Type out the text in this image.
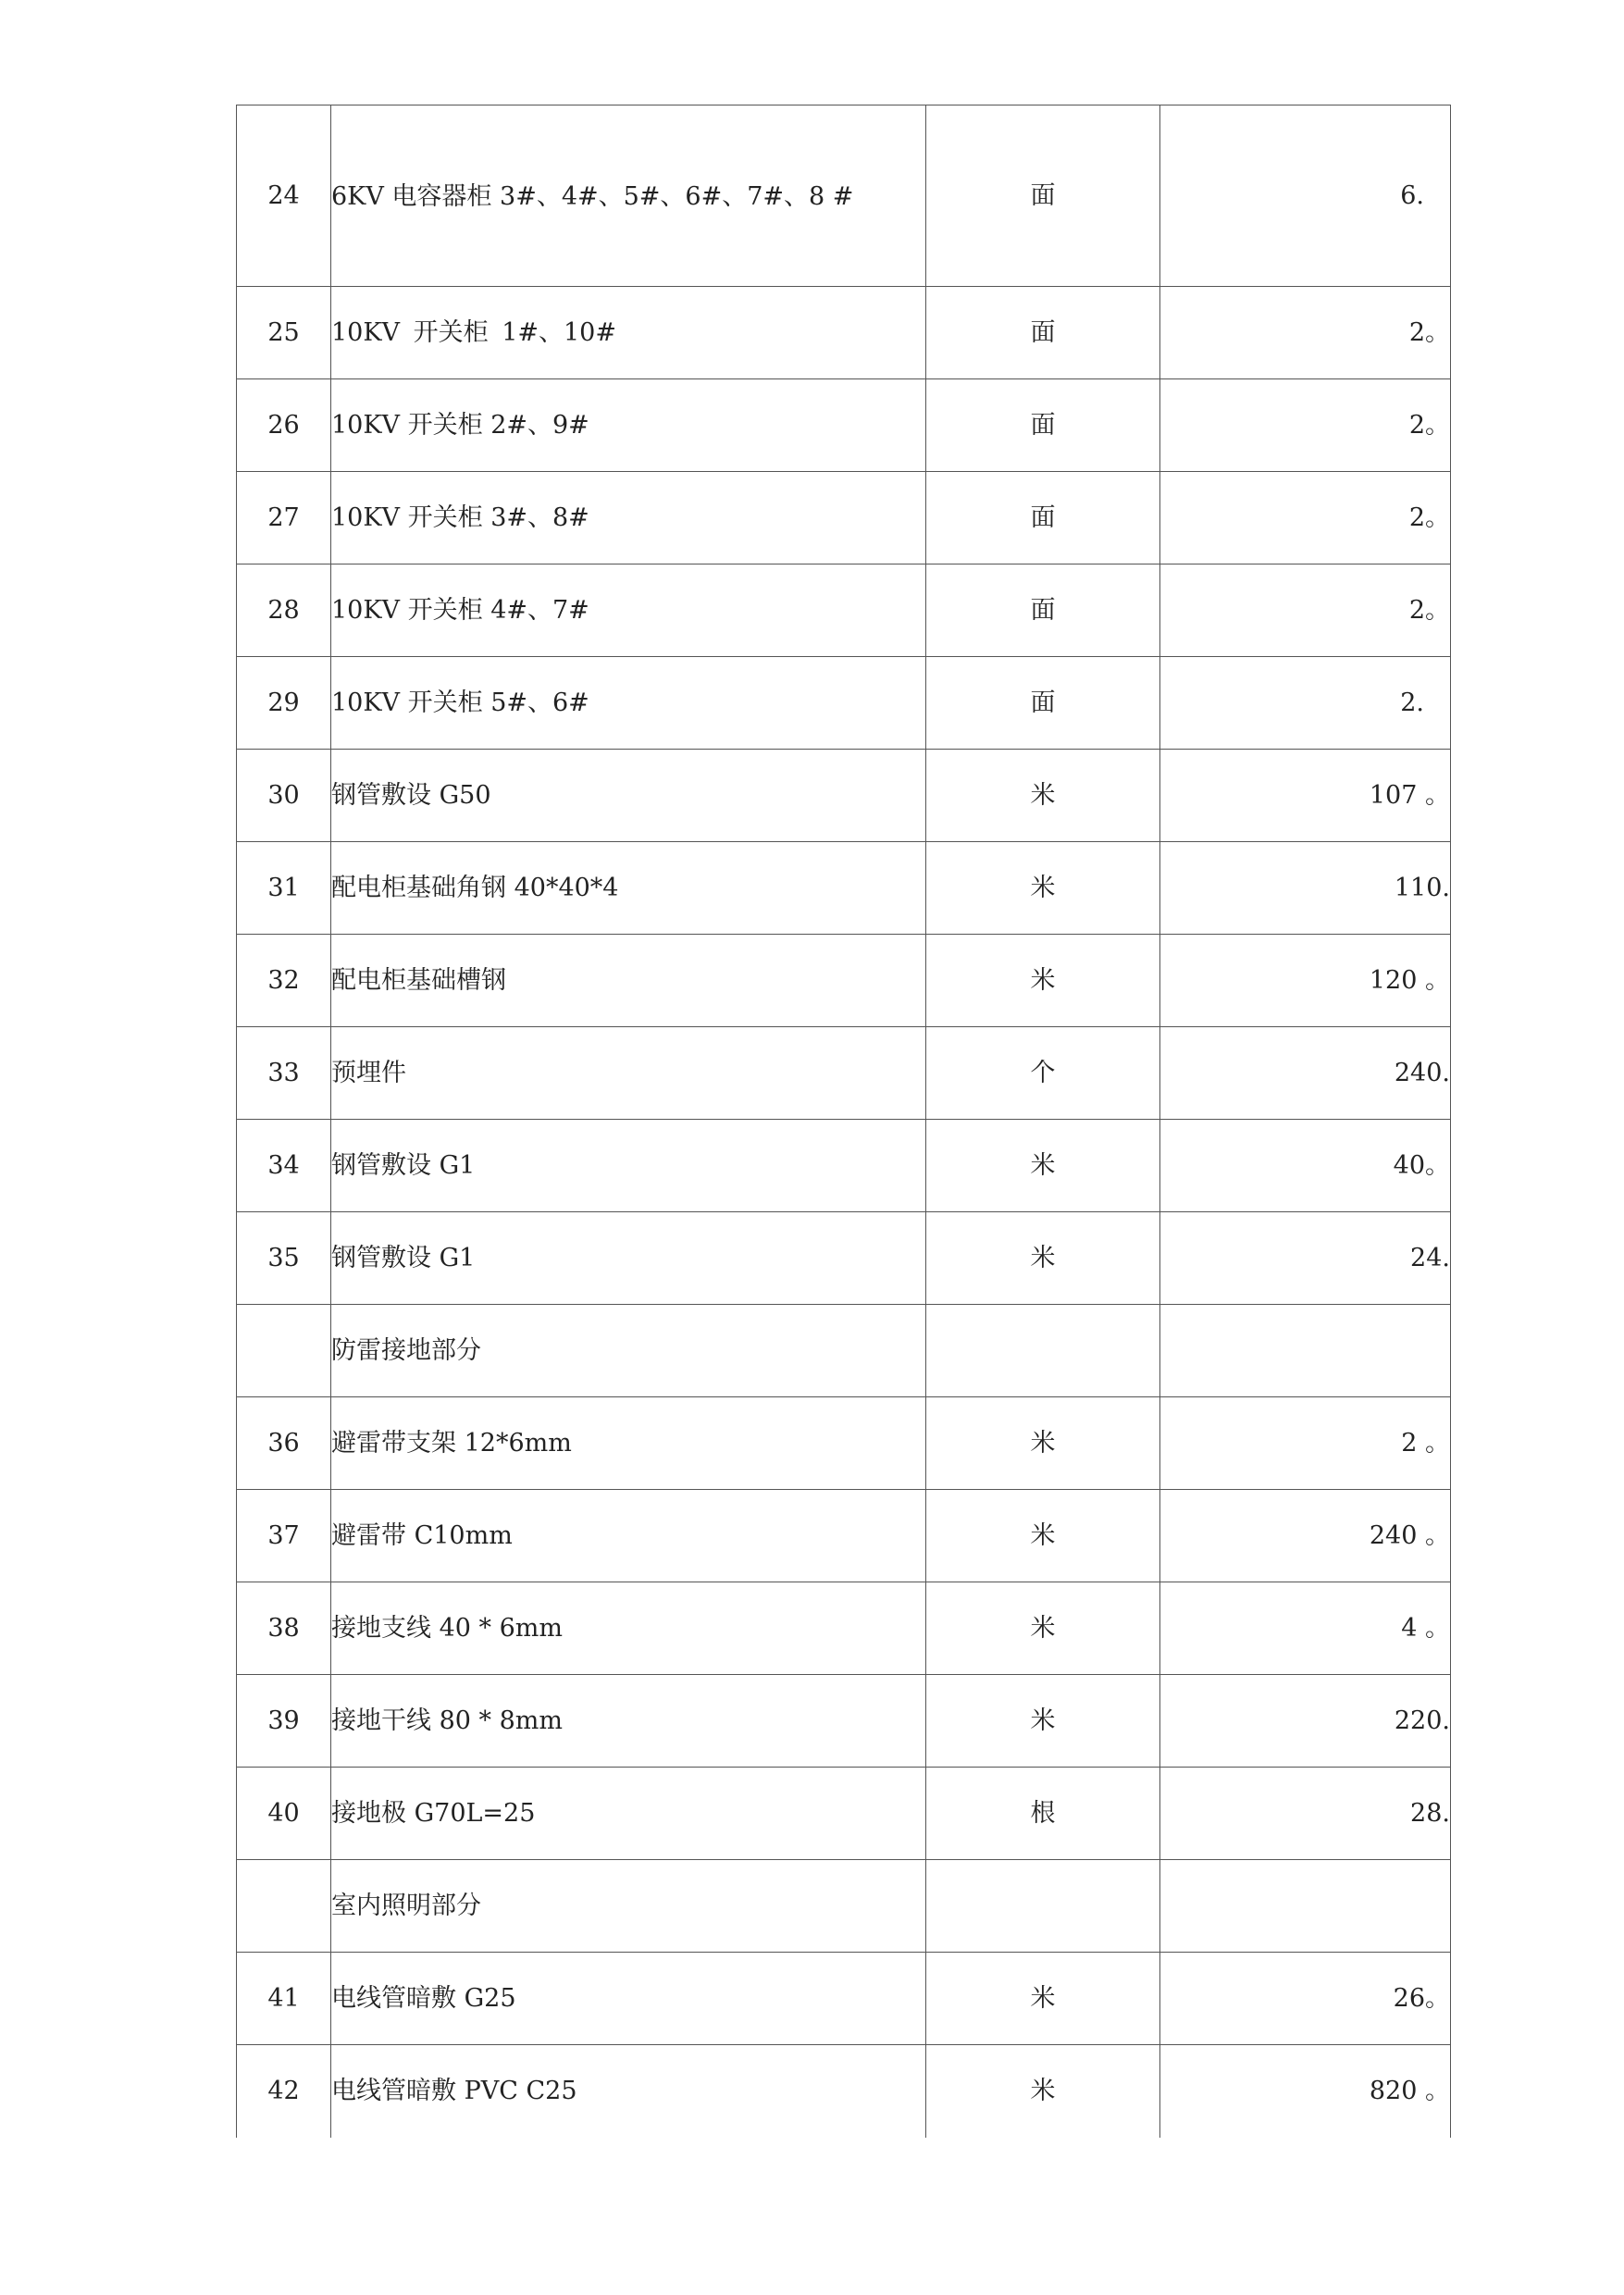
24	6KV 电容器柜 3#、4#、5#、6#、7#、8 #	面	6.
25	10KV 开关柜 1#、10#	面	2。
26	10KV 开关柜 2#、9#	面	2。
27	10KV 开关柜 3#、8#	面	2。
28	10KV 开关柜 4#、7#	面	2。
29	10KV 开关柜 5#、6#	面	2.
30	钢管敷设 G50	米	107 。
31	配电柜基础角钢 40*40*4	米	110.
32	配电柜基础槽钢	米	120 。
33	预埋件	个	240.
34	钢管敷设 G1	米	40。
35	钢管敷设 G1	米	24.
	防雷接地部分		
36	避雷带支架 12*6mm	米	2 。
37	避雷带 C10mm	米	240 。
38	接地支线 40 * 6mm	米	4 。
39	接地干线 80 * 8mm	米	220.
40	接地极 G70L=25	根	28.
	室内照明部分		
41	电线管暗敷 G25	米	26。
42	电线管暗敷 PVC C25	米	820 。
